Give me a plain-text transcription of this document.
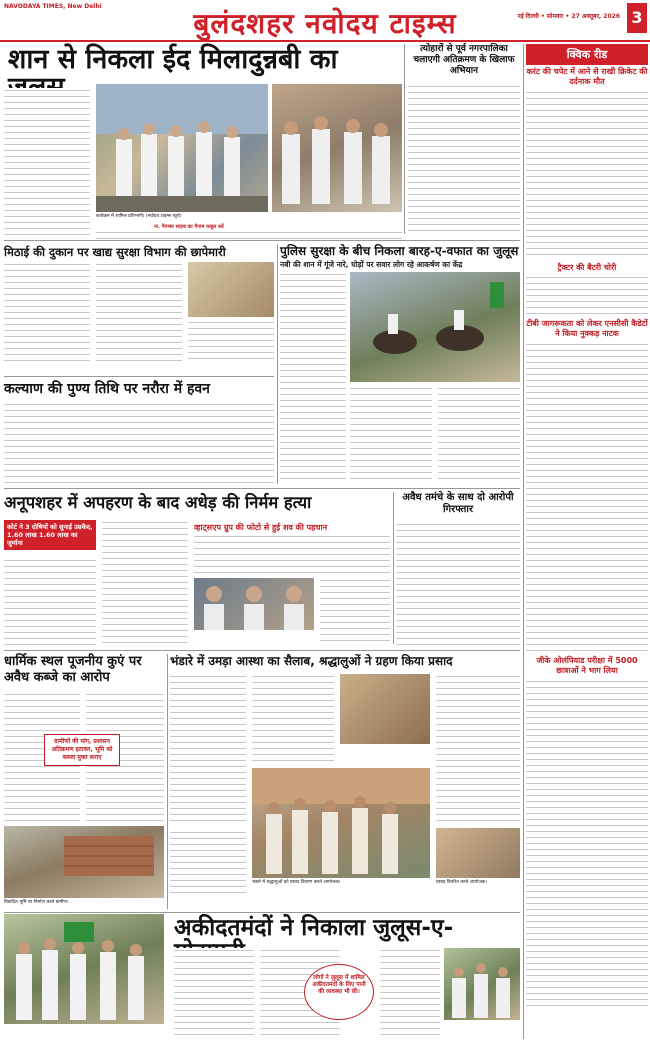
NAVODAYA TIMES, New Delhi
बुलंदशहर नवोदय टाइम्स	नई दिल्ली • सोमवार • 27 अक्तूबर, 2026 3
शान से निकला ईद मिलादुन्नबी का
कार्यक्रम में शामिल प्रतिभागी। (नवोदय टाइम्स ब्यूरो)
ना. पैगम्बर साहब का पैगाम कबूल करें
त्योहारों से पूर्व नगरपालिका चलाएगी अतिक्रमण के खिलाफ अभियान
क्विक रीड
करंट की चपेट में आने से राखी क्रिकेट की दर्दनाक मौत
ट्रैक्टर की बैटरी चोरी
टीबी जागरूकता को लेकर एनसीसी कैडेटों ने किया नुक्कड़ नाटक
जीके ओलंपियाड परीक्षा में 5000 छात्राओं ने भाग लिया
मिठाई की दुकान पर खाद्य सुरक्षा विभाग की छापेमारी	पुलिस सुरक्षा के बीच निकला बारह-ए-वफात का जुलूस
नबी की शान में गूंजे नारे, घोड़ों पर सवार लोग रहे आकर्षण का केंद्र
कल्याण की पुण्य तिथि पर नरौरा में हवन
अनूपशहर में अपहरण के बाद अधेड़ की निर्मम हत्या
कोर्ट ने 3 दोषियों को सुनाई उम्रकैद, 1.60 लाख 1.60 लाख का जुर्माना
व्हाट्सएप ग्रुप की फोटो से हुई शव की पहचान
अवैध तमंचे के साथ दो आरोपी गिरफ्तार
धार्मिक स्थल पूजनीय कुएं पर अवैध कब्जे का आरोप
ग्रामीणों की मांग, प्रशासन अतिक्रमण हटाकर, भूमि को कब्जा मुक्त कराए
विवादित भूमि पर निर्माण करते ग्रामीण।
भंडारे में उमड़ा आस्था का सैलाब, श्रद्धालुओं ने ग्रहण किया प्रसाद
भंडारे में श्रद्धालुओं को प्रसाद वितरण करते आयोजक।	प्रसाद वितरित करते आयोजक।
अकीदतमंदों ने निकाला जुलूस-ए-
लोगों ने जुलूस में शामिल अकीदतमंदों के लिए पानी की व्यवस्था भी की।
